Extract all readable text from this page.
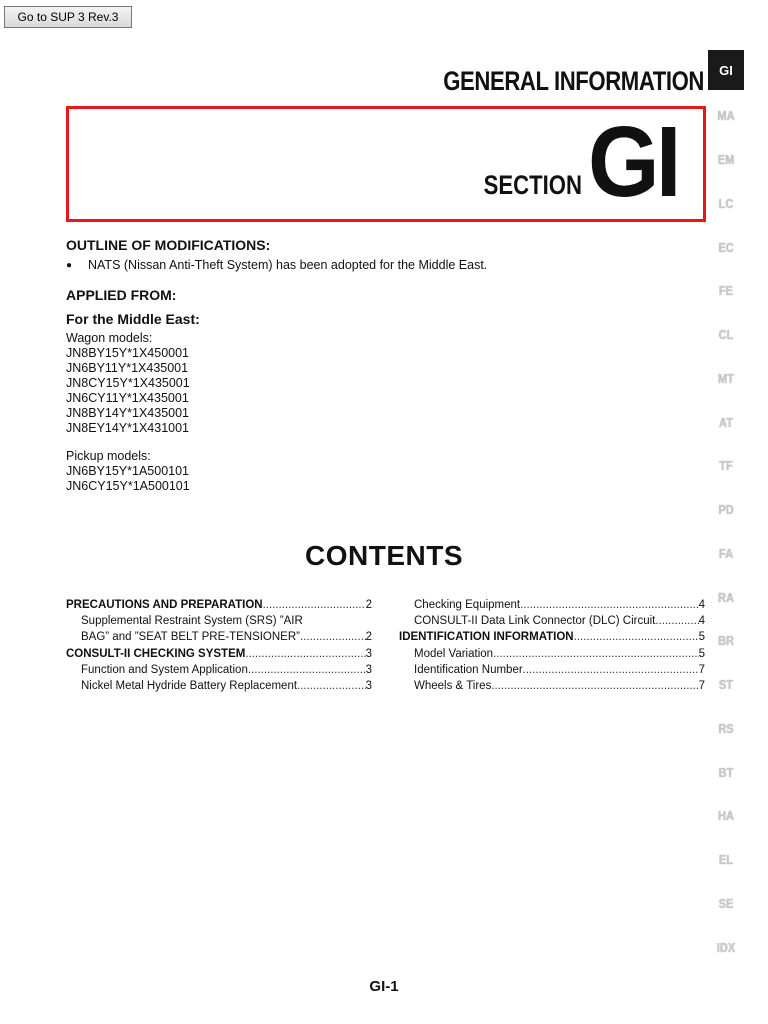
Go to SUP 3 Rev.3
GENERAL INFORMATION
SECTION GI
OUTLINE OF MODIFICATIONS:
● NATS (Nissan Anti-Theft System) has been adopted for the Middle East.
APPLIED FROM:
For the Middle East:
Wagon models:
JN8BY15Y*1X450001
JN6BY11Y*1X435001
JN8CY15Y*1X435001
JN6CY11Y*1X435001
JN8BY14Y*1X435001
JN8EY14Y*1X431001
Pickup models:
JN6BY15Y*1A500101
JN6CY15Y*1A500101
CONTENTS
PRECAUTIONS AND PREPARATION .....	2
Supplemental Restraint System (SRS) ”AIR
BAG” and ”SEAT BELT PRE-TENSIONER” .....	2
CONSULT-II CHECKING SYSTEM .....	3
Function and System Application .....	3
Nickel Metal Hydride Battery Replacement .....	3
Checking Equipment .....	4
CONSULT-II Data Link Connector (DLC) Circuit .....	4
IDENTIFICATION INFORMATION .....	5
Model Variation .....	5
Identification Number .....	7
Wheels & Tires .....	7
GI
MA
EM
LC
EC
FE
CL
MT
AT
TF
PD
FA
RA
BR
ST
RS
BT
HA
EL
SE
IDX
GI-1
